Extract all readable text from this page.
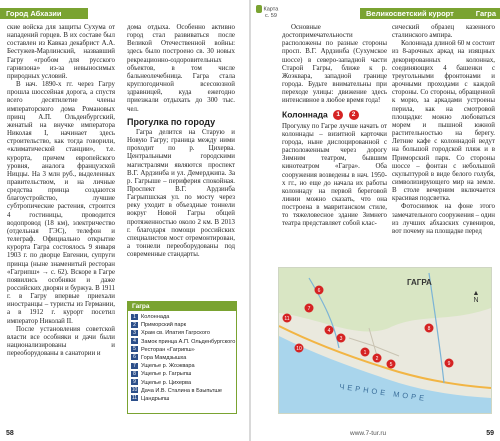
Город Абхазии

ские войска для защиты Сухума от нападений горцев. В их составе был составлен из Кавказ декабрист А.А. Бестужев-Марлинский, назвавший Гагру «гробом для русского гарнизона» из-за невыносимых природных условий.

В нач. 1890-х гг. через Гагру прошла шоссейная дорога, а спустя всего десятилетие члены императорского дома Романовых принц А.П. Ольденбургский, женатый на внучке императора Николая I, начинает здесь строительство, как тогда говорили, «климатической станции», т.е. курорта, причем европейского уровня, аналога французской Ниццы. На 3 млн руб., выделенных правительством, и на личные средства принца создаются благоустройство, лучшие субтропические растения, строится 4 гостиницы, проводится водопровод (18 км), электричество (отдельная ГЭС), телефон и телеграф. Официально открытие курорта Гагра состоялось 9 января 1903 г. по дворце Евгении, супруги принца (ныне знаменитый ресторан «Гагрипш» → с. 62). Вскоре в Гагре появились особняки и даже российских дворян и буржуа. В 1911 г. в Гагру впервые приехали иностранцы – туристы из Германии, а в 1912 г. курорт посетил император Николай II.

После установления советской власти все особняки и дачи были национализированы и переоборудованы в санатории и

дома отдыха. Особенно активно город стал развиваться после Великой Отечественной войны: здесь было построено св. 30 новых рекреационно-оздоровительных объектов, в том числе бальнеолечебница. Гагра стала круглогодичной всесоюзной здравницей, куда ежегодно приезжали отдыхать до 300 тыс. чел.

Прогулка по городу

Гагра делится на Старую и Новую Гагру; граница между ними проходит по р. Цихерва. Центральными городскими магистралями являются проспект В.Г. Ардзинба и ул. Демерджипа. За р. Гагрыше – периферия спокойная. Проспект В.Г. Ардзинба Гагрыпшская ул. по мосту через реку уходит в объездные тоннели вокруг Новой Гагры общей протяженностью около 2 км. В 2013 г. благодаря помощи российских специалистов мост отремонтирован, а тоннели переоборудованы под современные стандарты.

Гагра
1 Колоннада
2 Приморский парк
3 Храм св. Ипатия Гагрского
4 Замок принца А.П. Ольденбургского
5 Ресторан «Гагрипш»
6 Гора Мамдзышха
7 Ущелье р. Жоэквара
8 Ущелье р. Гагрыпш
9 Ущелье р. Цихерва
10 Дача И.В. Сталина в Бзыпьтше
11 Цандрыпш
58
Карта
с. 59	Великосветский курорт	Гагра

Основные достопримечательности расположены по разные стороны просп. В.Г. Ардзинба (Сухумское шоссе) в северо-западной части Старой Гагры, ближе к р. Жоэквара, западной границе города. Будьте внимательны при переходе улицы: движение здесь интенсивное в любое время года!

Колоннада 1 2

Прогулку по Гагре лучше начать от колоннады – визитной карточки города, ныне дислоцированной с расположенным через дорогу Зимним театром, бывшим кинотеатром «Гагра». Оба сооружения возведены в нач. 1950-х гг., но еще до начала их работы колоннаду на первой береговой линии можно сказать, что она построена в мавританском стиле, то тяжеловесное здание Зимнего театра представляет собой клас-

сический образец казенного сталинского ампира.

Колоннада длиной 60 м состоит из 8-арочных аркад на изящных декорированных колоннах, соединяющих 4 башенки с треугольными фронтонами и арочными проходами с каждой стороны. Со стороны, обращенной к морю, за аркадами устроены перила, как на смотровой площадке: можно любоваться морем и пышной южной растительностью на берегу. Летние кафе с колоннадой ведут на большой городской пляж и в Приморский парк. Со стороны шоссе – фонтан с небольшой скульптурой в виде белого голубя, символизирующего мир на земле. В столе вечерним включается красивая подсветка.

Фотоснимок на фоне этого замечательного сооружения – один из лучших абхазских сувениров, вот почему на площадке перед

www.7-tur.ru	59
1
2
3
4
5
6
7
8
9
10
11
ГАГРА
ЧЕРНОЕ МОРЕ
▲
N
